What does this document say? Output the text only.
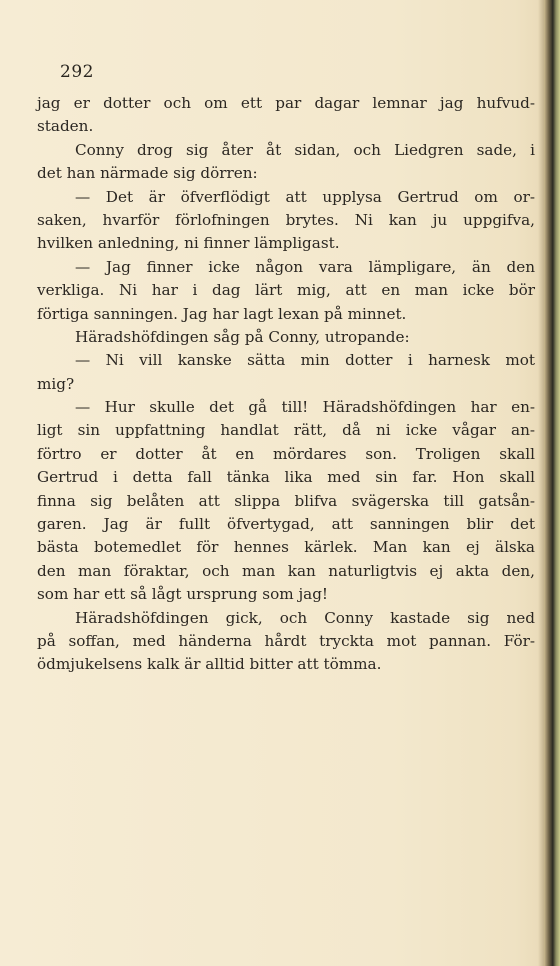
292
jag er dotter och om ett par dagar lemnar jag hufvud-
staden.
Conny drog sig åter åt sidan, och Liedgren sade, i
det han närmade sig dörren:
— Det är öfverflödigt att upplysa Gertrud om or-
saken, hvarför förlofningen brytes. Ni kan ju uppgifva,
hvilken anledning, ni finner lämpligast.
— Jag finner icke någon vara lämpligare, än den
verkliga. Ni har i dag lärt mig, att en man icke bör
förtiga sanningen. Jag har lagt lexan på minnet.
Häradshöfdingen såg på Conny, utropande:
— Ni vill kanske sätta min dotter i harnesk mot
mig?
— Hur skulle det gå till! Häradshöfdingen har en-
ligt sin uppfattning handlat rätt, då ni icke vågar an-
förtro er dotter åt en mördares son. Troligen skall
Gertrud i detta fall tänka lika med sin far. Hon skall
finna sig belåten att slippa blifva svägerska till gatsån-
garen. Jag är fullt öfvertygad, att sanningen blir det
bästa botemedlet för hennes kärlek. Man kan ej älska
den man föraktar, och man kan naturligtvis ej akta den,
som har ett så lågt ursprung som jag!
Häradshöfdingen gick, och Conny kastade sig ned
på soffan, med händerna hårdt tryckta mot pannan. För-
ödmjukelsens kalk är alltid bitter att tömma.
